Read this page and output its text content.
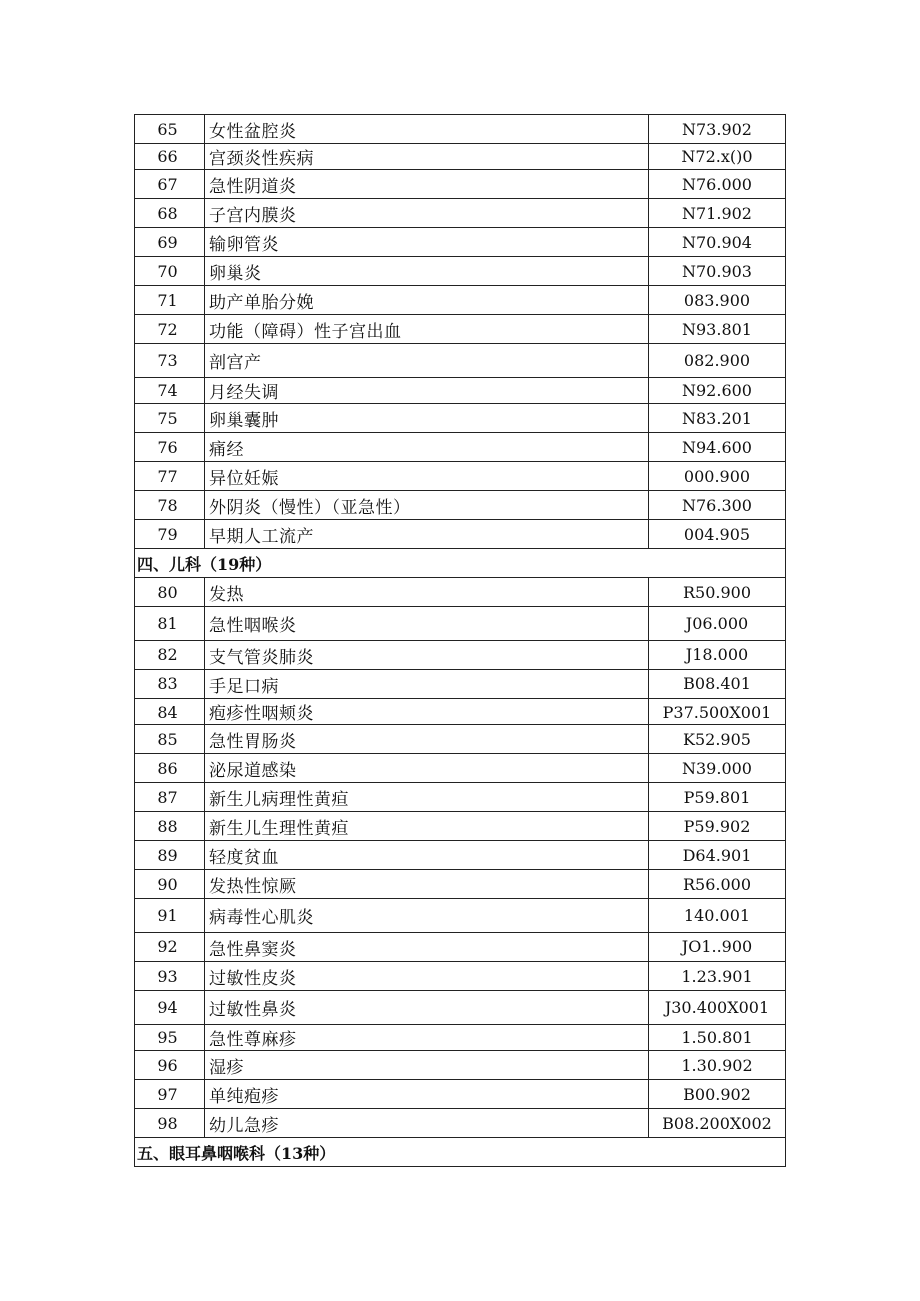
65	女性盆腔炎	N73.902
66	宫颈炎性疾病	N72.x()0
67	急性阴道炎	N76.000
68	子宫内膜炎	N71.902
69	输卵管炎	N70.904
70	卵巢炎	N70.903
71	助产单胎分娩	083.900
72	功能（障碍）性子宫出血	N93.801
73	剖宫产	082.900
74	月经失调	N92.600
75	卵巢囊肿	N83.201
76	痛经	N94.600
77	异位妊娠	000.900
78	外阴炎（慢性）（亚急性）	N76.300
79	早期人工流产	004.905
四、儿科（19种）		
80	发热	R50.900
81	急性咽喉炎	J06.000
82	支气管炎肺炎	J18.000
83	手足口病	B08.401
84	疱疹性咽颊炎	P37.500X001
85	急性胃肠炎	K52.905
86	泌尿道感染	N39.000
87	新生儿病理性黄疸	P59.801
88	新生儿生理性黄疸	P59.902
89	轻度贫血	D64.901
90	发热性惊厥	R56.000
91	病毒性心肌炎	140.001
92	急性鼻窦炎	JO1..900
93	过敏性皮炎	1.23.901
94	过敏性鼻炎	J30.400X001
95	急性尊麻疹	1.50.801
96	湿疹	1.30.902
97	单纯疱疹	B00.902
98	幼儿急疹	B08.200X002
五、眼耳鼻咽喉科（13种）		
